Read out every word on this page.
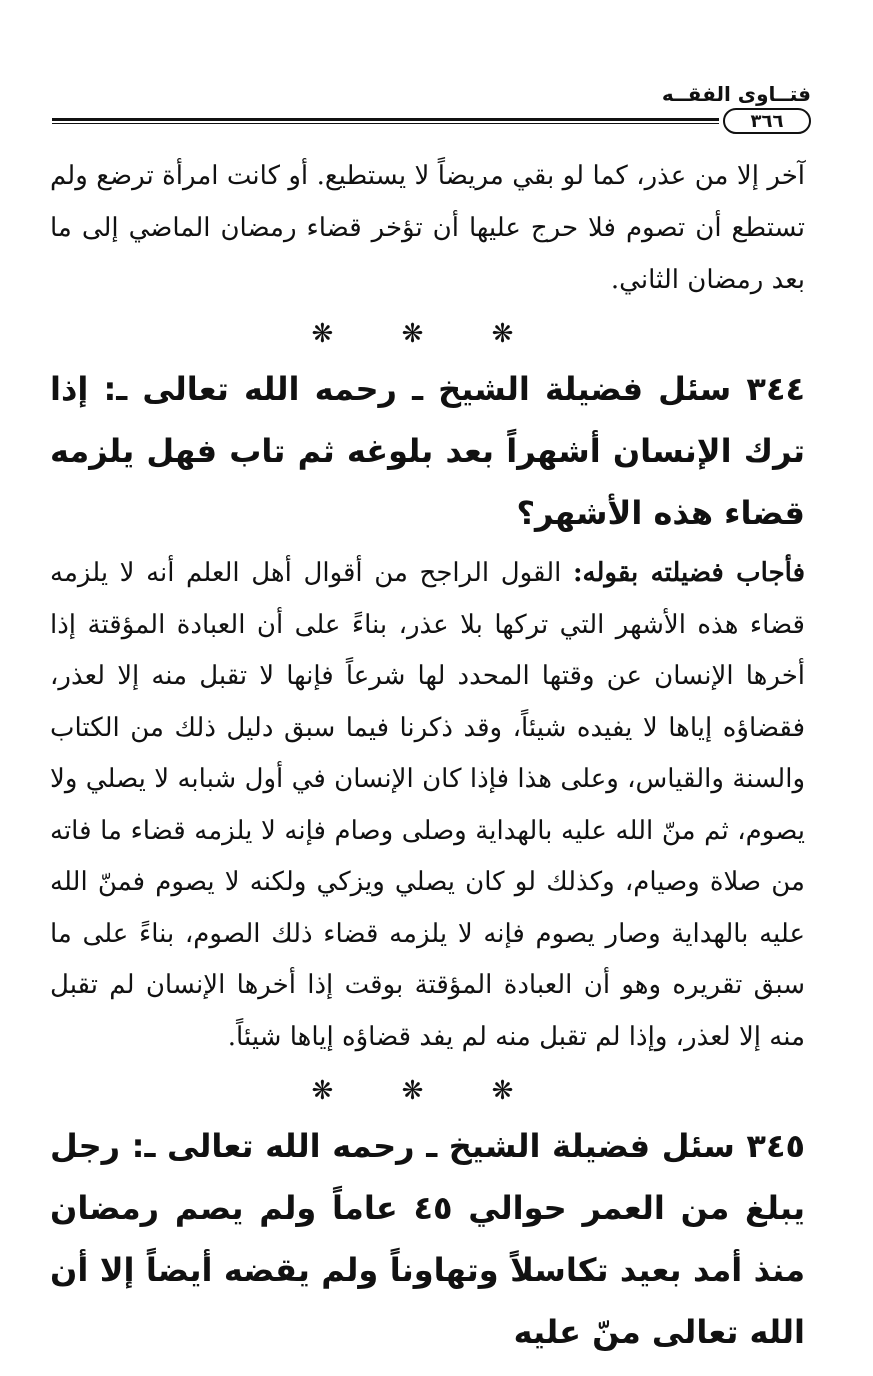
فتــاوى الفقــه
٣٦٦

آخر إلا من عذر، كما لو بقي مريضاً لا يستطيع. أو كانت امرأة ترضع ولم تستطع أن تصوم فلا حرج عليها أن تؤخر قضاء رمضان الماضي إلى ما بعد رمضان الثاني.

❋ ❋ ❋

٣٤٤ سئل فضيلة الشيخ ـ رحمه الله تعالى ـ: إذا ترك الإنسان أشهراً بعد بلوغه ثم تاب فهل يلزمه قضاء هذه الأشهر؟

فأجاب فضيلته بقوله: القول الراجح من أقوال أهل العلم أنه لا يلزمه قضاء هذه الأشهر التي تركها بلا عذر، بناءً على أن العبادة المؤقتة إذا أخرها الإنسان عن وقتها المحدد لها شرعاً فإنها لا تقبل منه إلا لعذر، فقضاؤه إياها لا يفيده شيئاً، وقد ذكرنا فيما سبق دليل ذلك من الكتاب والسنة والقياس، وعلى هذا فإذا كان الإنسان في أول شبابه لا يصلي ولا يصوم، ثم منّ الله عليه بالهداية وصلى وصام فإنه لا يلزمه قضاء ما فاته من صلاة وصيام، وكذلك لو كان يصلي ويزكي ولكنه لا يصوم فمنّ الله عليه بالهداية وصار يصوم فإنه لا يلزمه قضاء ذلك الصوم، بناءً على ما سبق تقريره وهو أن العبادة المؤقتة بوقت إذا أخرها الإنسان لم تقبل منه إلا لعذر، وإذا لم تقبل منه لم يفد قضاؤه إياها شيئاً.

❋ ❋ ❋

٣٤٥ سئل فضيلة الشيخ ـ رحمه الله تعالى ـ: رجل يبلغ من العمر حوالي ٤٥ عاماً ولم يصم رمضان منذ أمد بعيد تكاسلاً وتهاوناً ولم يقضه أيضاً إلا أن الله تعالى منّ عليه
